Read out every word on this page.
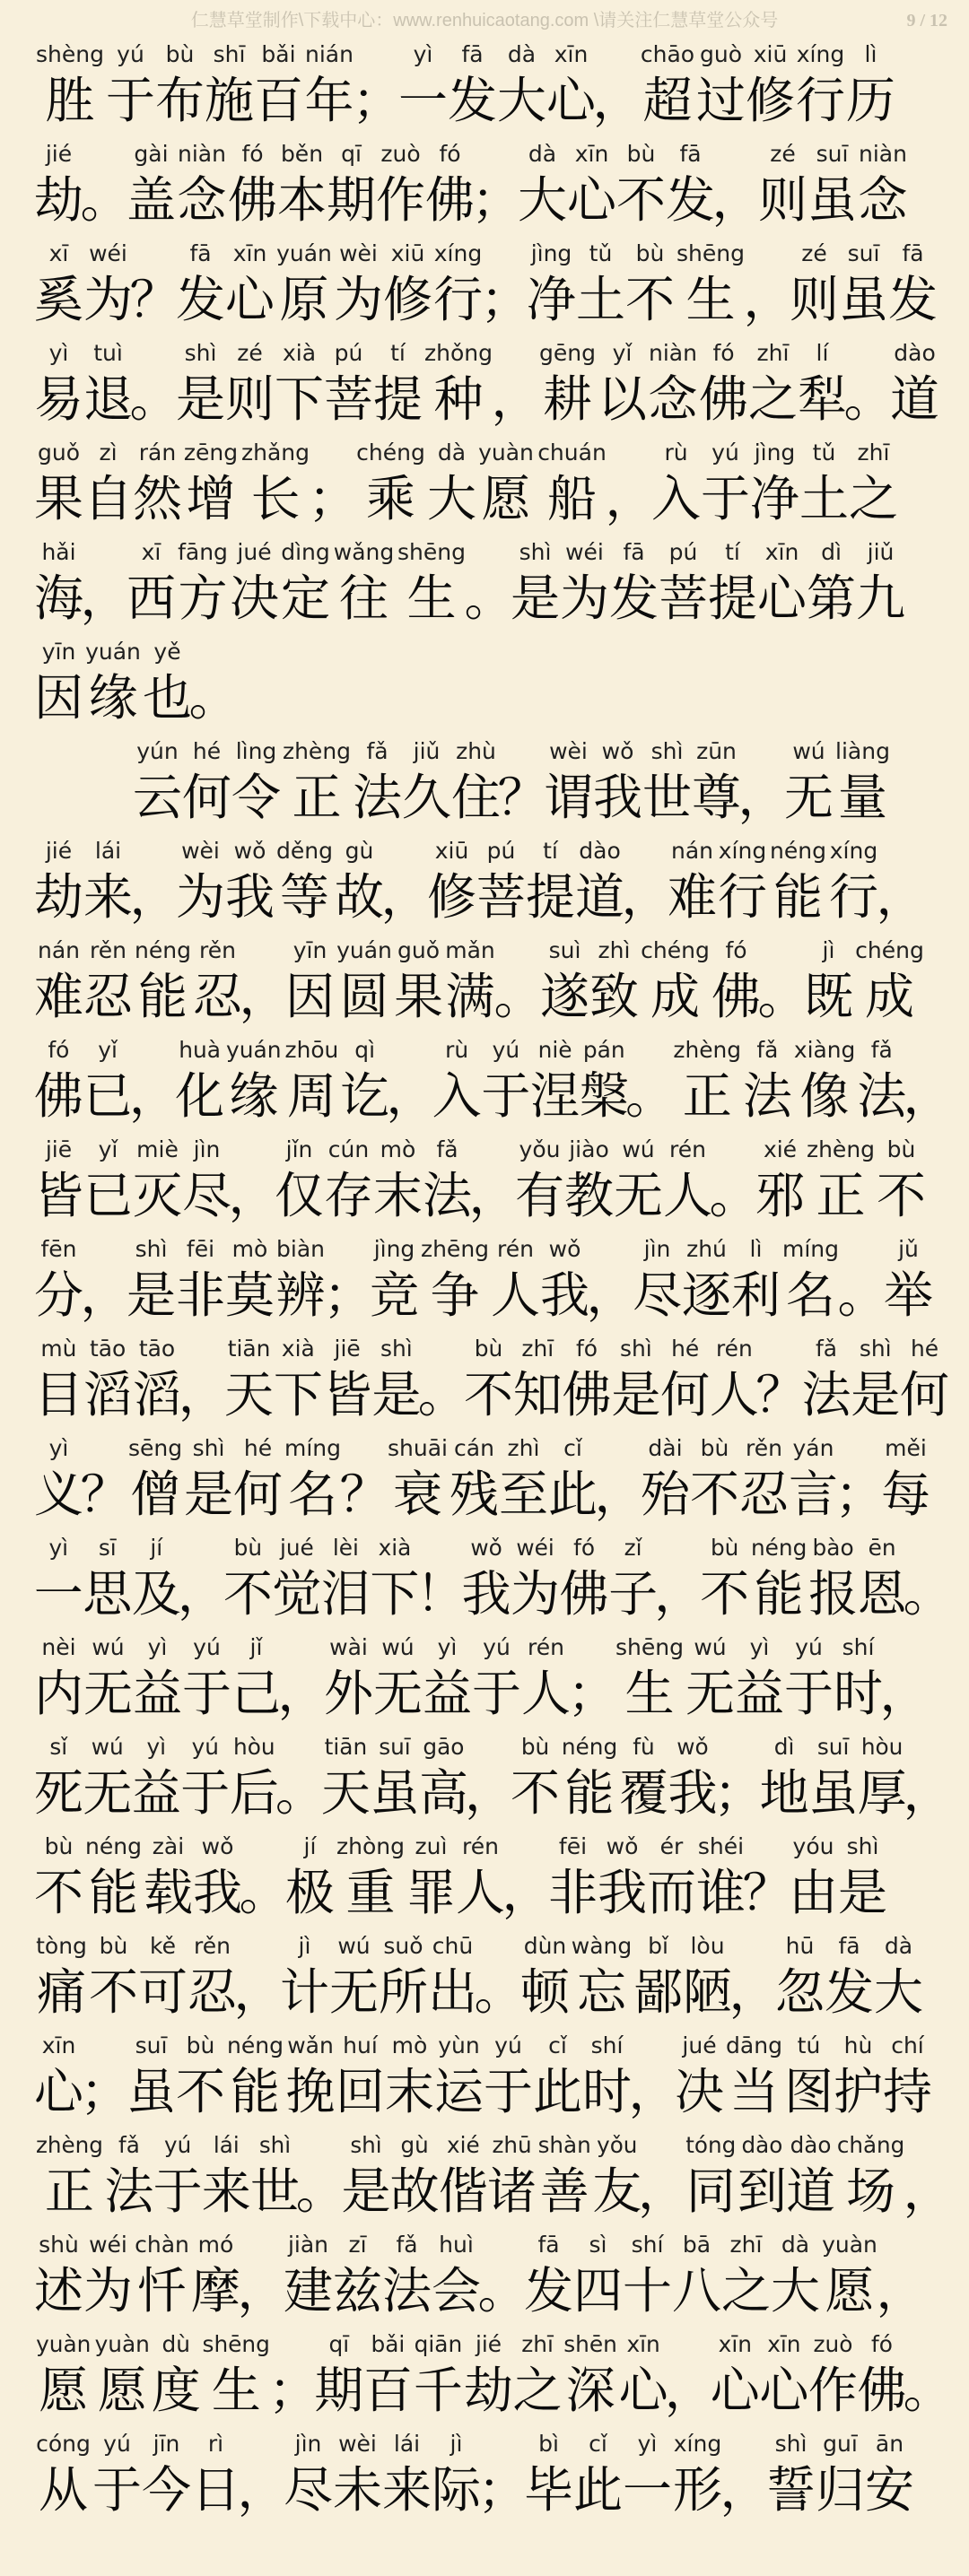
仁慧草堂制作\下载中心：www.renhuicaotang.com \请关注仁慧草堂公众号	9 / 12
shèng
胜
yú
于
bù
布
shī
施
bǎi
百
nián
年
；
yì
一
fā
发
dà
大
xīn
心
，
chāo
超
guò
过
xiū
修
xíng
行
lì
历
jié
劫
。
gài
盖
niàn
念
fó
佛
běn
本
qī
期
zuò
作
fó
佛
；
dà
大
xīn
心
bù
不
fā
发
，
zé
则
suī
虽
niàn
念
xī
奚
wéi
为
？
fā
发
xīn
心
yuán
原
wèi
为
xiū
修
xíng
行
；
jìng
净
tǔ
土
bù
不
shēng
生 ，
zé
则
suī
虽
fā
发
yì
易
tuì
退
。
shì
是
zé
则
xià
下
pú
菩
tí
提
zhǒng
种 ，
gēng
耕
yǐ
以
niàn
念
fó
佛
zhī
之
lí
犁
。
dào
道
guǒ
果
zì
自
rán
然
zēng
增
zhǎng
长 ；
chéng
乘
dà
大
yuàn
愿
chuán
船 ，
rù
入
yú
于
jìng
净
tǔ
土
zhī
之
hǎi
海
，
xī
西
fāng
方
jué
决
dìng
定
wǎng
往
shēng
生 。
shì
是
wéi
为
fā
发
pú
菩
tí
提
xīn
心
dì
第
jiǔ
九
yīn
因
yuán
缘
yě
也
。
yún
云
hé
何
lìng
令
zhèng
正
fǎ
法
jiǔ
久
zhù
住
？
wèi
谓
wǒ
我
shì
世
zūn
尊
，
wú
无
liàng
量
jié
劫
lái
来
，
wèi
为
wǒ
我
děng
等
gù
故
，
xiū
修
pú
菩
tí
提
dào
道
，
nán
难
xíng
行
néng
能
xíng
行
，
nán
难
rěn
忍
néng
能
rěn
忍
，
yīn
因
yuán
圆
guǒ
果
mǎn
满 。
suì
遂
zhì
致
chéng
成
fó
佛
。
jì
既
chéng
成
fó
佛
yǐ
已
，
huà
化
yuán
缘
zhōu
周
qì
讫
，
rù
入
yú
于
niè
涅
pán
槃
。
zhèng
正
fǎ
法
xiàng
像
fǎ
法
，
jiē
皆
yǐ
已
miè
灭
jìn
尽
，
jǐn
仅
cún
存
mò
末
fǎ
法
，
yǒu
有
jiào
教
wú
无
rén
人
。
xié
邪
zhèng
正
bù
不
fēn
分
，
shì
是
fēi
非
mò
莫
biàn
辨
；
jìng
竞
zhēng
争
rén
人
wǒ
我
，
jìn
尽
zhú
逐
lì
利
míng
名 。
jǔ
举
mù
目
tāo
滔
tāo
滔
，
tiān
天
xià
下
jiē
皆
shì
是
。
bù
不
zhī
知
fó
佛
shì
是
hé
何
rén
人
？
fǎ
法
shì
是
hé
何
yì
义
？
sēng
僧
shì
是
hé
何
míng
名 ？
shuāi
衰
cán
残
zhì
至
cǐ
此
，
dài
殆
bù
不
rěn
忍
yán
言
；
měi
每
yì
一
sī
思
jí
及
，
bù
不
jué
觉
lèi
泪
xià
下
！
wǒ
我
wéi
为
fó
佛
zǐ
子
，
bù
不
néng
能
bào
报
ēn
恩
。
nèi
内
wú
无
yì
益
yú
于
jǐ
己
，
wài
外
wú
无
yì
益
yú
于
rén
人
；
shēng
生
wú
无
yì
益
yú
于
shí
时
，
sǐ
死
wú
无
yì
益
yú
于
hòu
后
。
tiān
天
suī
虽
gāo
高
，
bù
不
néng
能
fù
覆
wǒ
我
；
dì
地
suī
虽
hòu
厚
，
bù
不
néng
能
zài
载
wǒ
我
。
jí
极
zhòng
重
zuì
罪
rén
人
，
fēi
非
wǒ
我
ér
而
shéi
谁
？
yóu
由
shì
是
tòng
痛
bù
不
kě
可
rěn
忍
，
jì
计
wú
无
suǒ
所
chū
出
。
dùn
顿
wàng
忘
bǐ
鄙
lòu
陋
，
hū
忽
fā
发
dà
大
xīn
心
；
suī
虽
bù
不
néng
能
wǎn
挽
huí
回
mò
末
yùn
运
yú
于
cǐ
此
shí
时
，
jué
决
dāng
当
tú
图
hù
护
chí
持
zhèng
正
fǎ
法
yú
于
lái
来
shì
世
。
shì
是
gù
故
xié
偕
zhū
诸
shàn
善
yǒu
友
，
tóng
同
dào
到
dào
道
chǎng
场 ，
shù
述
wéi
为
chàn
忏
mó
摩
，
jiàn
建
zī
兹
fǎ
法
huì
会
。
fā
发
sì
四
shí
十
bā
八
zhī
之
dà
大
yuàn
愿 ，
yuàn
愿
yuàn
愿
dù
度
shēng
生 ；
qī
期
bǎi
百
qiān
千
jié
劫
zhī
之
shēn
深
xīn
心
，
xīn
心
xīn
心
zuò
作
fó
佛
。
cóng
从
yú
于
jīn
今
rì
日
，
jìn
尽
wèi
未
lái
来
jì
际
；
bì
毕
cǐ
此
yì
一
xíng
形
，
shì
誓
guī
归
ān
安
